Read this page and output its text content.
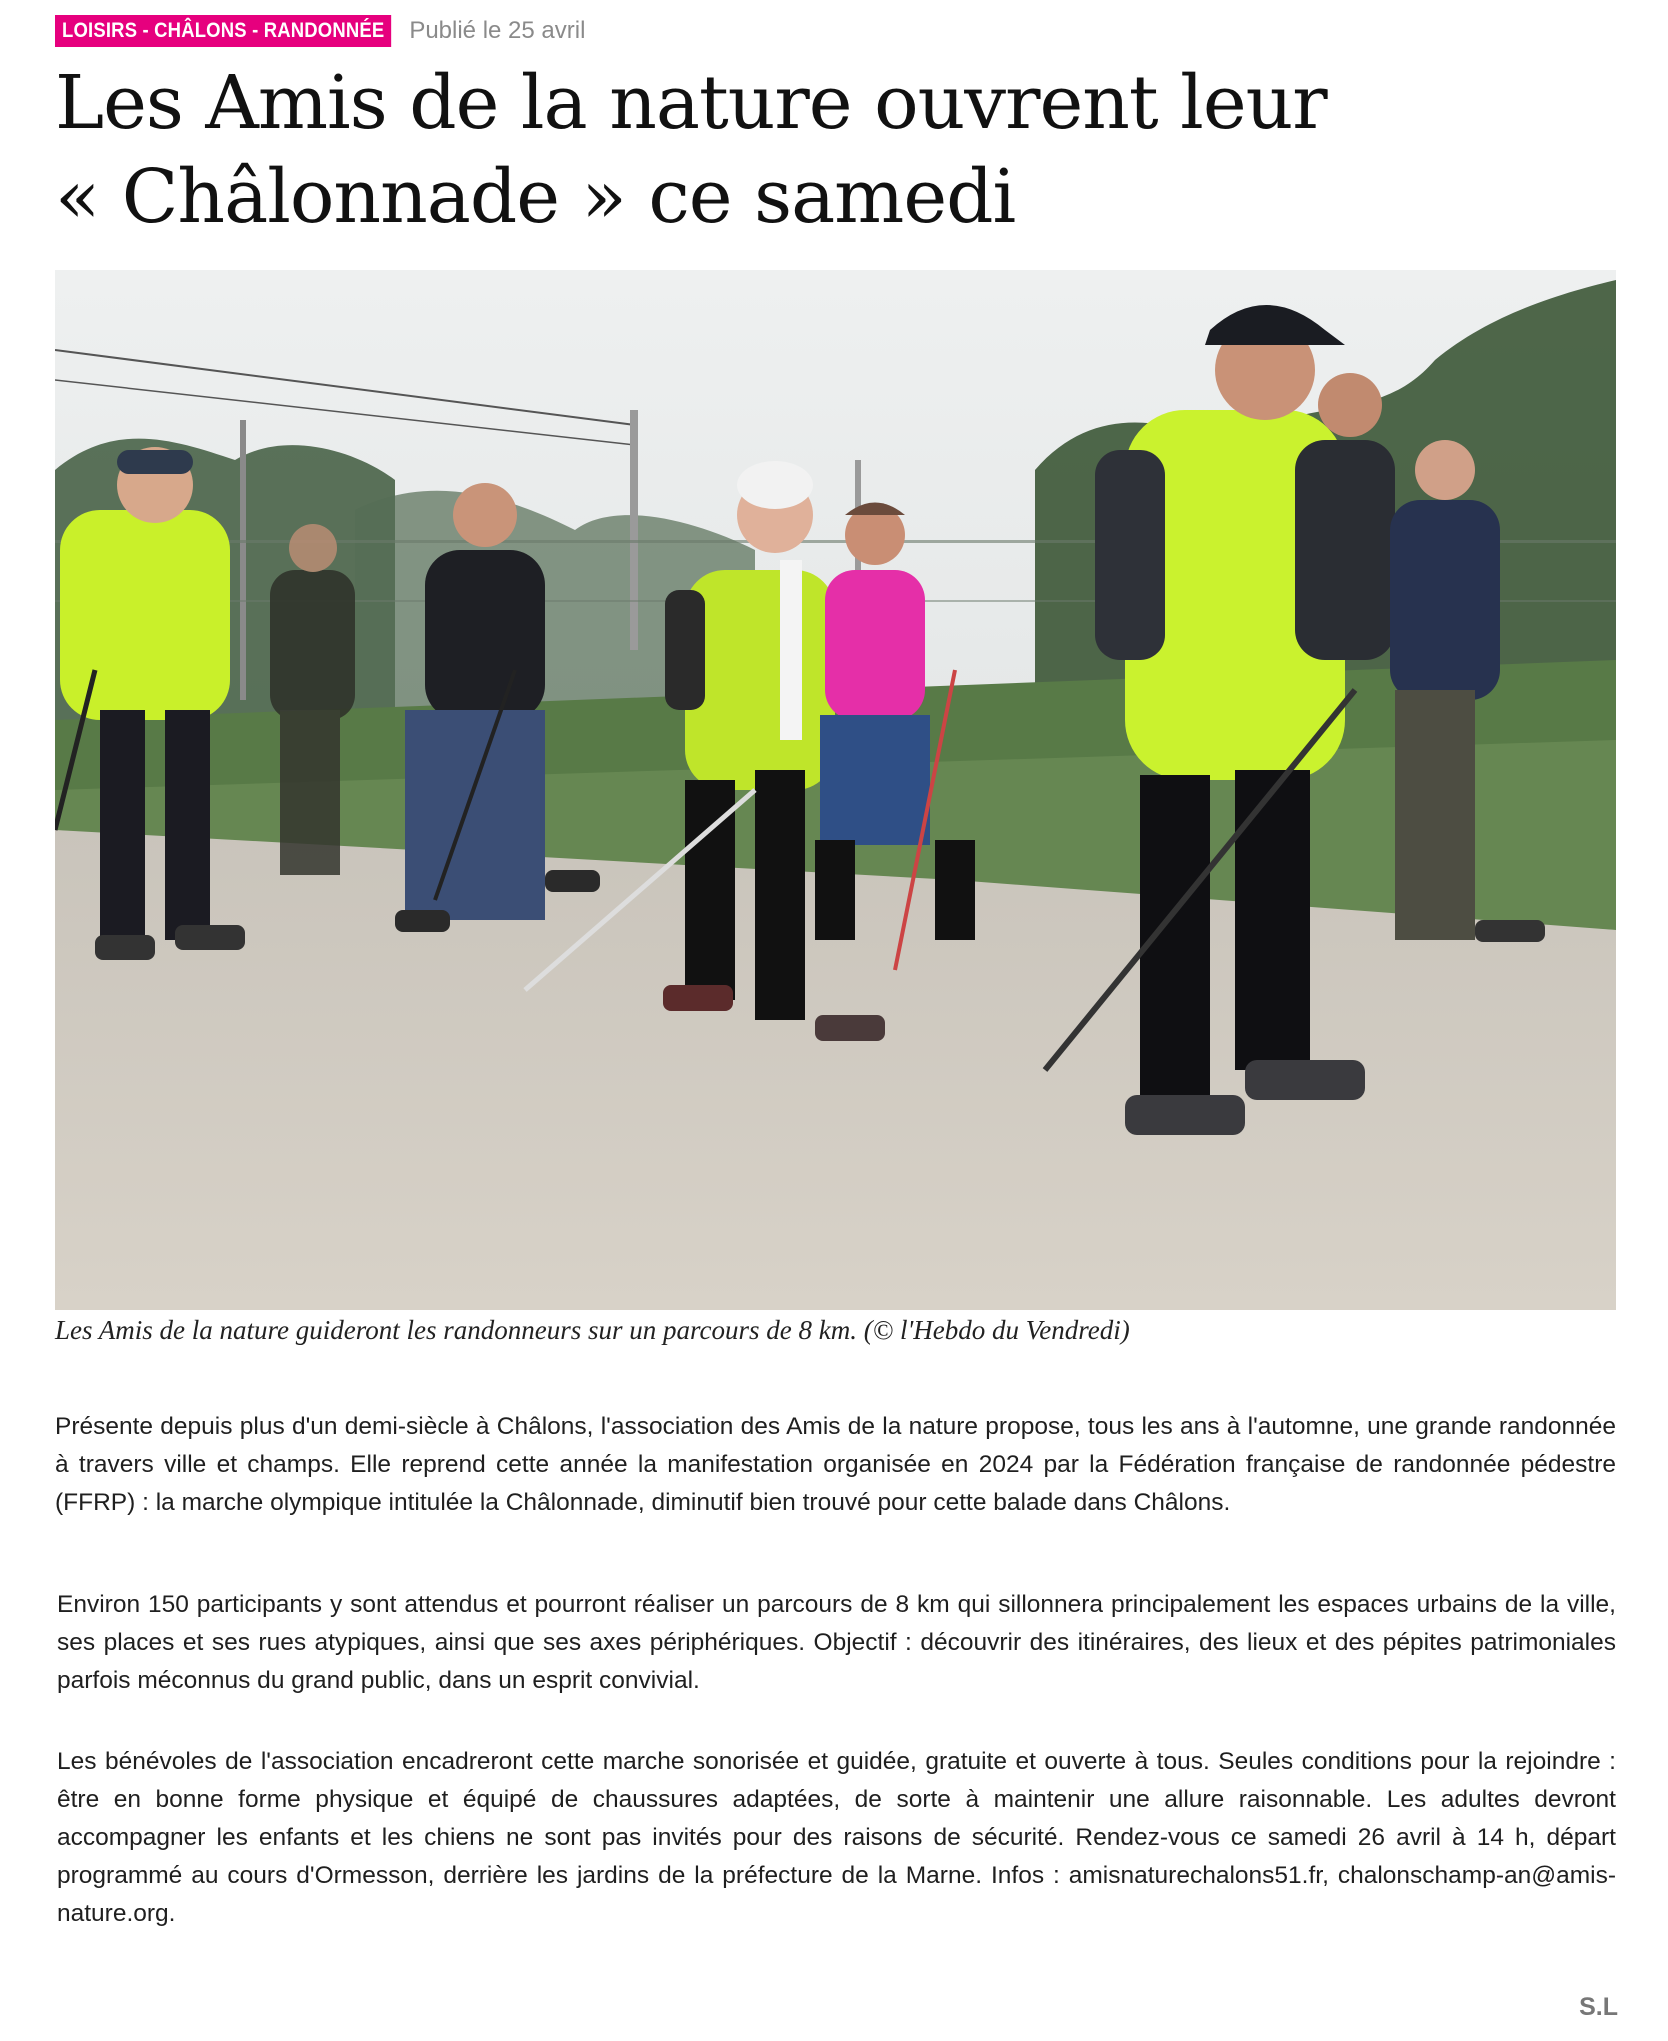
LOISIRS - CHÂLONS - RANDONNÉE Publié le 25 avril
Les Amis de la nature ouvrent leur
« Châlonnade » ce samedi
Les Amis de la nature guideront les randonneurs sur un parcours de 8 km. (© l'Hebdo du Vendredi)

Présente depuis plus d'un demi-siècle à Châlons, l'association des Amis de la nature propose, tous les ans à l'automne, une grande randonnée à travers ville et champs. Elle reprend cette année la manifestation organisée en 2024 par la Fédération française de randonnée pédestre (FFRP) : la marche olympique intitulée la Châlonnade, diminutif bien trouvé pour cette balade dans Châlons.

Environ 150 participants y sont attendus et pourront réaliser un parcours de 8 km qui sillonnera principalement les espaces urbains de la ville, ses places et ses rues atypiques, ainsi que ses axes périphériques. Objectif : découvrir des itinéraires, des lieux et des pépites patrimoniales parfois méconnus du grand public, dans un esprit convivial.

Les bénévoles de l'association encadreront cette marche sonorisée et guidée, gratuite et ouverte à tous. Seules conditions pour la rejoindre : être en bonne forme physique et équipé de chaussures adaptées, de sorte à maintenir une allure raisonnable. Les adultes devront accompagner les enfants et les chiens ne sont pas invités pour des raisons de sécurité. Rendez-vous ce samedi 26 avril à 14 h, départ programmé au cours d'Ormesson, derrière les jardins de la préfecture de la Marne. Infos : amisnaturechalons51.fr, chalonschamp-an@amis-nature.org.

S.L
